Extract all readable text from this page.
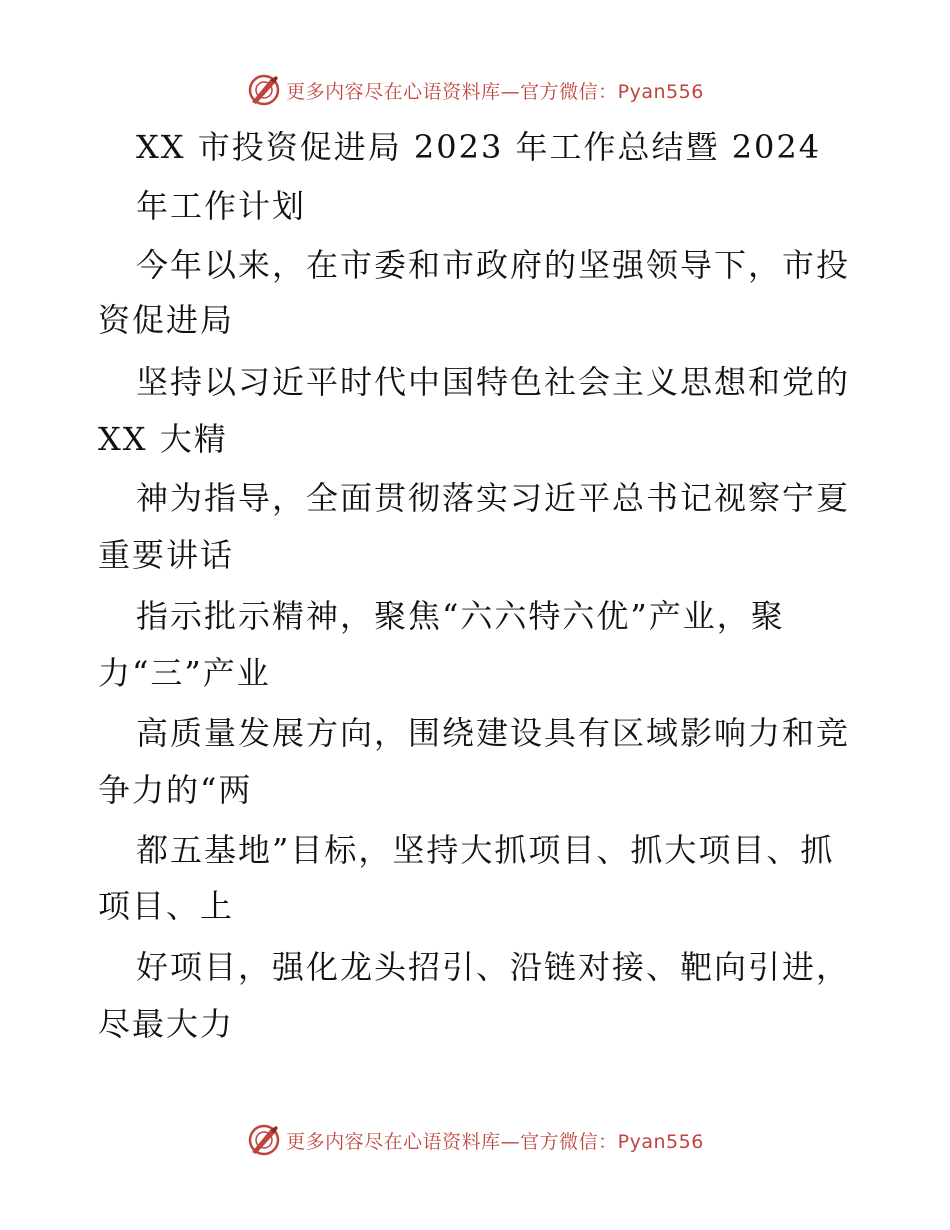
更多内容尽在心语资料库—官方微信：Pyan556
XX 市投资促进局 2023 年工作总结暨 2024
年工作计划
今年以来，在市委和市政府的坚强领导下，市投
资促进局
坚持以习近平时代中国特色社会主义思想和党的
XX 大精
神为指导，全面贯彻落实习近平总书记视察宁夏
重要讲话
指示批示精神，聚焦“六六特六优”产业，聚
力“三”产业
高质量发展方向，围绕建设具有区域影响力和竞
争力的“两
都五基地”目标，坚持大抓项目、抓大项目、抓
项目、上
好项目，强化龙头招引、沿链对接、靶向引进，
尽最大力
更多内容尽在心语资料库—官方微信：Pyan556
